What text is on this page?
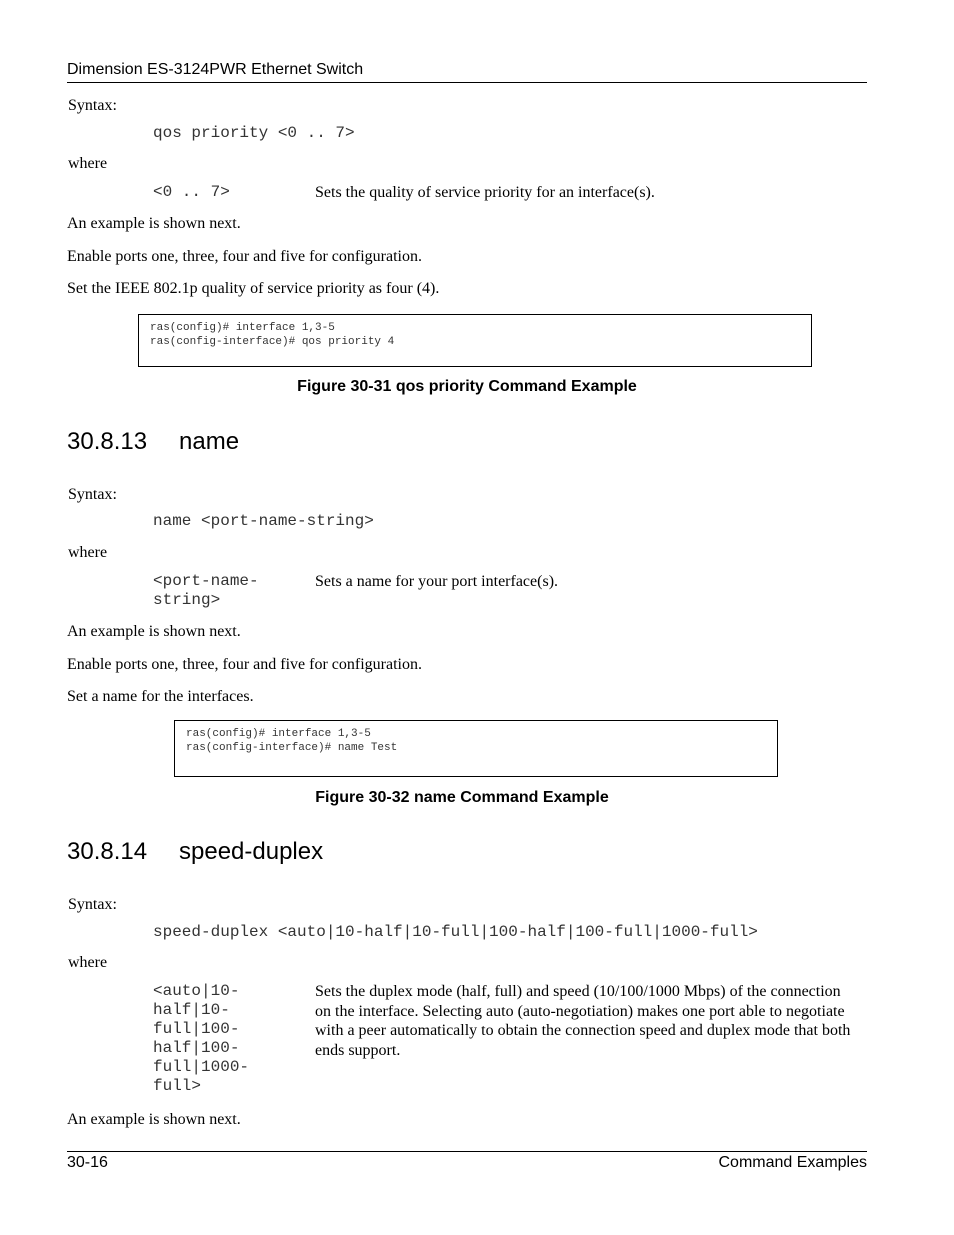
Dimension ES-3124PWR Ethernet Switch
Syntax:
qos priority <0 .. 7>
where
<0 .. 7>	Sets the quality of service priority for an interface(s).
An example is shown next.
Enable ports one, three, four and five for configuration.
Set the IEEE 802.1p quality of service priority as four (4).
ras(config)# interface 1,3-5
ras(config-interface)# qos priority 4
Figure 30-31 qos priority Command Example
30.8.13 name
Syntax:
name <port-name-string>
where
<port-name-
string>
Sets a name for your port interface(s).
An example is shown next.
Enable ports one, three, four and five for configuration.
Set a name for the interfaces.
ras(config)# interface 1,3-5
ras(config-interface)# name Test
Figure 30-32 name Command Example
30.8.14 speed-duplex
Syntax:
speed-duplex <auto|10-half|10-full|100-half|100-full|1000-full>
where
<auto|10-
half|10-
full|100-
half|100-
full|1000-
full>
Sets the duplex mode (half, full) and speed (10/100/1000 Mbps) of the connection on the interface. Selecting auto (auto-negotiation) makes one port able to negotiate with a peer automatically to obtain the connection speed and duplex mode that both ends support.
An example is shown next.
30-16	Command Examples
